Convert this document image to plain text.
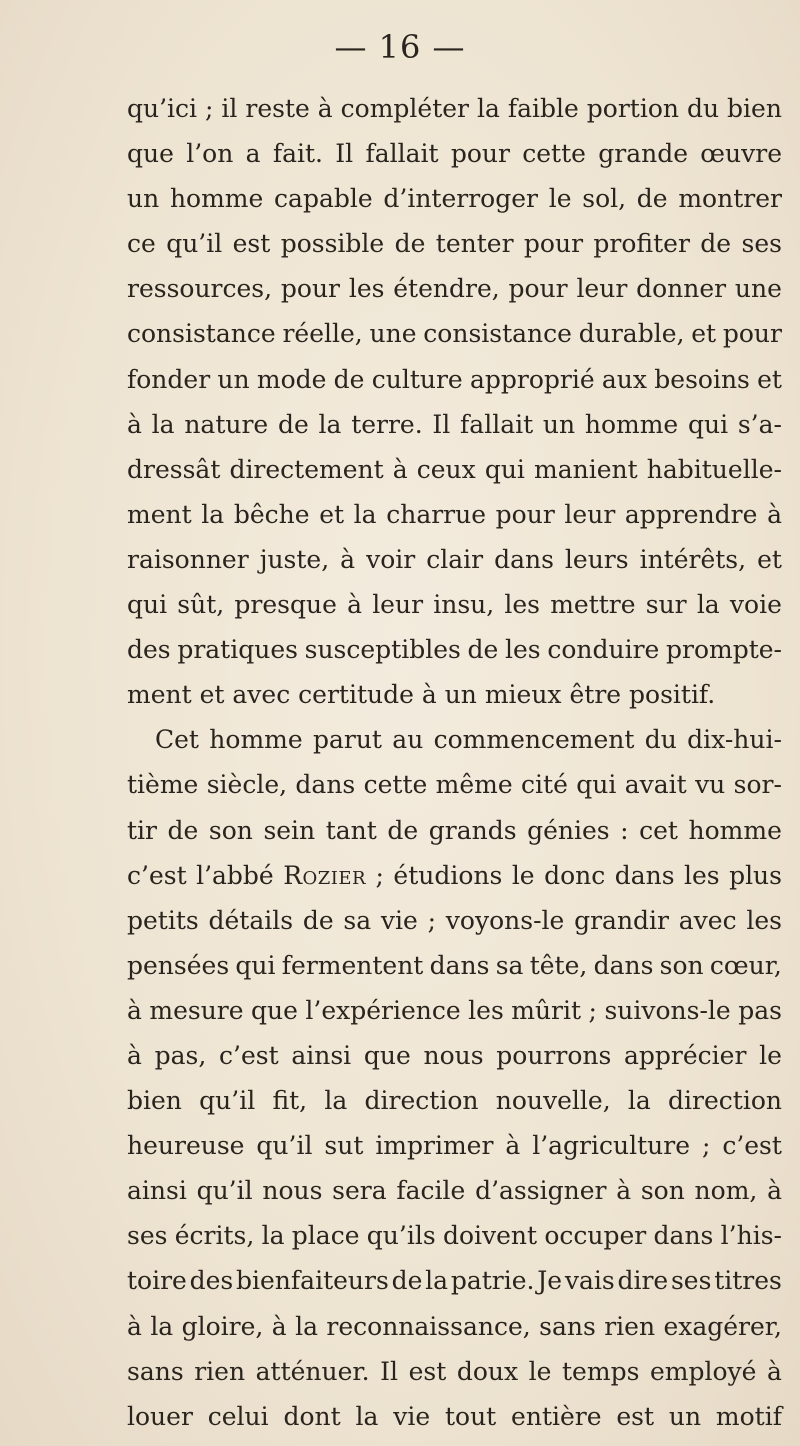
— 16 —
qu’ici ; il reste à compléter la faible portion du bien
que l’on a fait. Il fallait pour cette grande œuvre
un homme capable d’interroger le sol, de montrer
ce qu’il est possible de tenter pour profiter de ses
ressources, pour les étendre, pour leur donner une
consistance réelle, une consistance durable, et pour
fonder un mode de culture approprié aux besoins et
à la nature de la terre. Il fallait un homme qui s’a-
dressât directement à ceux qui manient habituelle-
ment la bêche et la charrue pour leur apprendre à
raisonner juste, à voir clair dans leurs intérêts, et
qui sût, presque à leur insu, les mettre sur la voie
des pratiques susceptibles de les conduire prompte-
ment et avec certitude à un mieux être positif.
Cet homme parut au commencement du dix-hui-
tième siècle, dans cette même cité qui avait vu sor-
tir de son sein tant de grands génies : cet homme
c’est l’abbé Rozier ; étudions le donc dans les plus
petits détails de sa vie ; voyons-le grandir avec les
pensées qui fermentent dans sa tête, dans son cœur,
à mesure que l’expérience les mûrit ; suivons-le pas
à pas, c’est ainsi que nous pourrons apprécier le
bien qu’il fit, la direction nouvelle, la direction
heureuse qu’il sut imprimer à l’agriculture ; c’est
ainsi qu’il nous sera facile d’assigner à son nom, à
ses écrits, la place qu’ils doivent occuper dans l’his-
toire des bienfaiteurs de la patrie. Je vais dire ses titres
à la gloire, à la reconnaissance, sans rien exagérer,
sans rien atténuer. Il est doux le temps employé à
louer celui dont la vie tout entière est un motif
